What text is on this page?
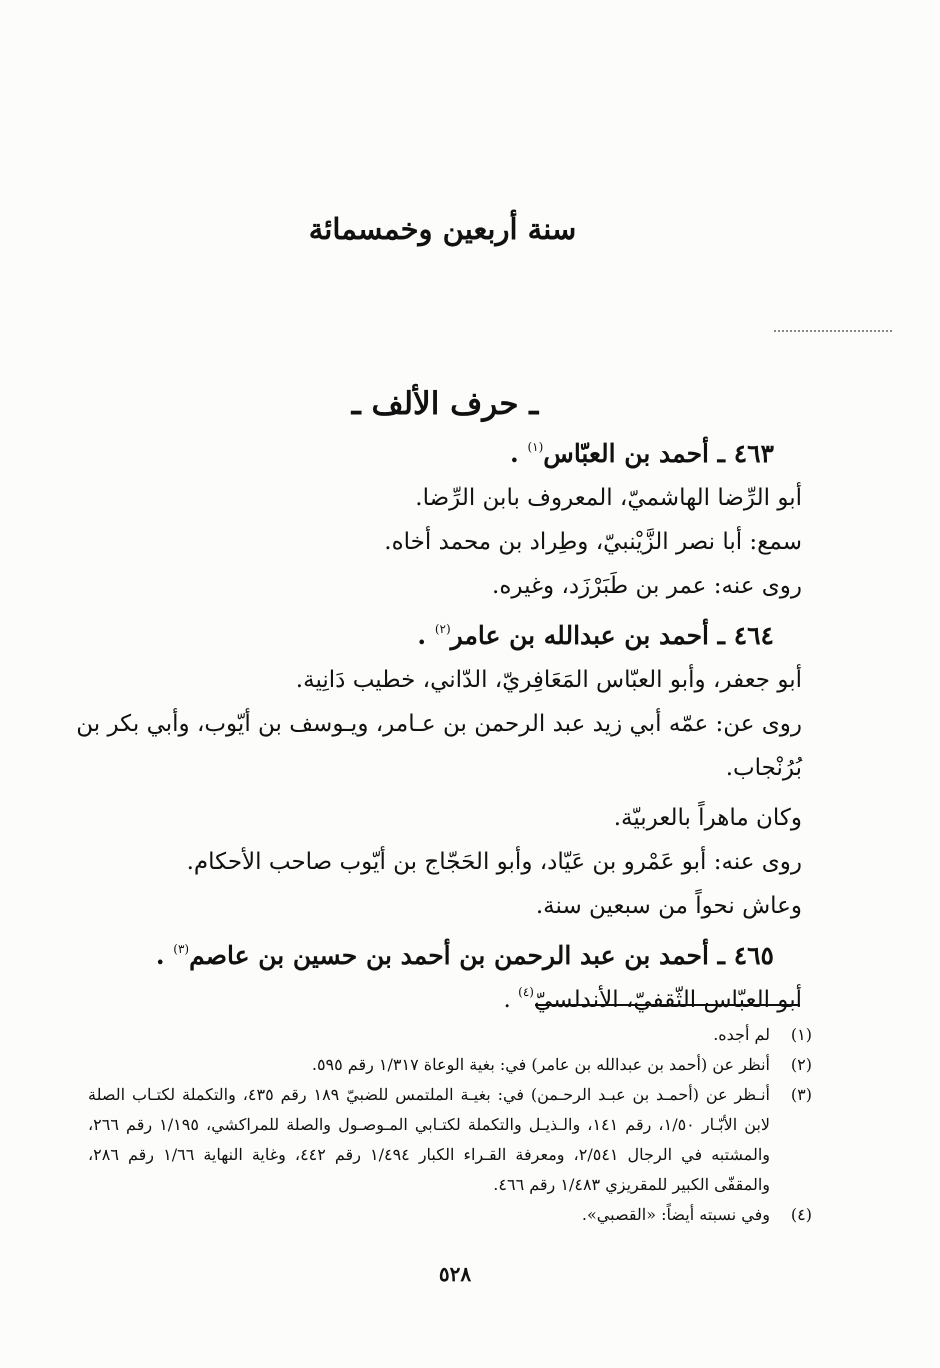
سنة أربعين وخمسمائة
ـ حرف الألف ـ
٤٦٣ ـ أحمد بن العبّاس$^{(١)}$ .
أبو الرِّضا الهاشميّ، المعروف بابن الرِّضا.
سمع: أبا نصر الزَّيْنبيّ، وطِراد بن محمد أخاه.
روى عنه: عمر بن طَبَرْزَد، وغيره.
٤٦٤ ـ أحمد بن عبدالله بن عامر$^{(٢)}$ .
أبو جعفر، وأبو العبّاس المَعَافِريّ، الدّاني، خطيب دَانِية.
روى عن: عمّه أبي زيد عبد الرحمن بن عـامر، ويـوسف بن أيّوب، وأبي بكر بن بُرُنْجاب.
وكان ماهراً بالعربيّة.
روى عنه: أبو عَمْرو بن عَيّاد، وأبو الحَجّاج بن أيّوب صاحب الأحكام.
وعاش نحواً من سبعين سنة.
٤٦٥ ـ أحمد بن عبد الرحمن بن أحمد بن حسين بن عاصم$^{(٣)}$ .
أبو العبّاس الثّقفيّ، الأندلسيّ$^{(٤)}$ .
(١)
لم أجده.
(٢)
أنظر عن (أحمد بن عبدالله بن عامر) في: بغية الوعاة ١/٣١٧ رقم ٥٩٥.
(٣)
أنـظر عن (أحمـد بن عبـد الرحـمن) في: بغيـة الملتمس للضبيّ ١٨٩ رقم ٤٣٥، والتكملة لكتـاب الصلة لابن الأبّـار ١/٥٠، رقم ١٤١، والـذيـل والتكملة لكتـابي المـوصـول والصلة للمراكشي، ١/١٩٥ رقم ٢٦٦، والمشتبه في الرجال ٢/٥٤١، ومعرفة القـراء الكبار ١/٤٩٤ رقم ٤٤٢، وغاية النهاية ١/٦٦ رقم ٢٨٦، والمقفّى الكبير للمقريزي ١/٤٨٣ رقم ٤٦٦.
(٤)
وفي نسبته أيضاً: «القصبي».
٥٢٨
